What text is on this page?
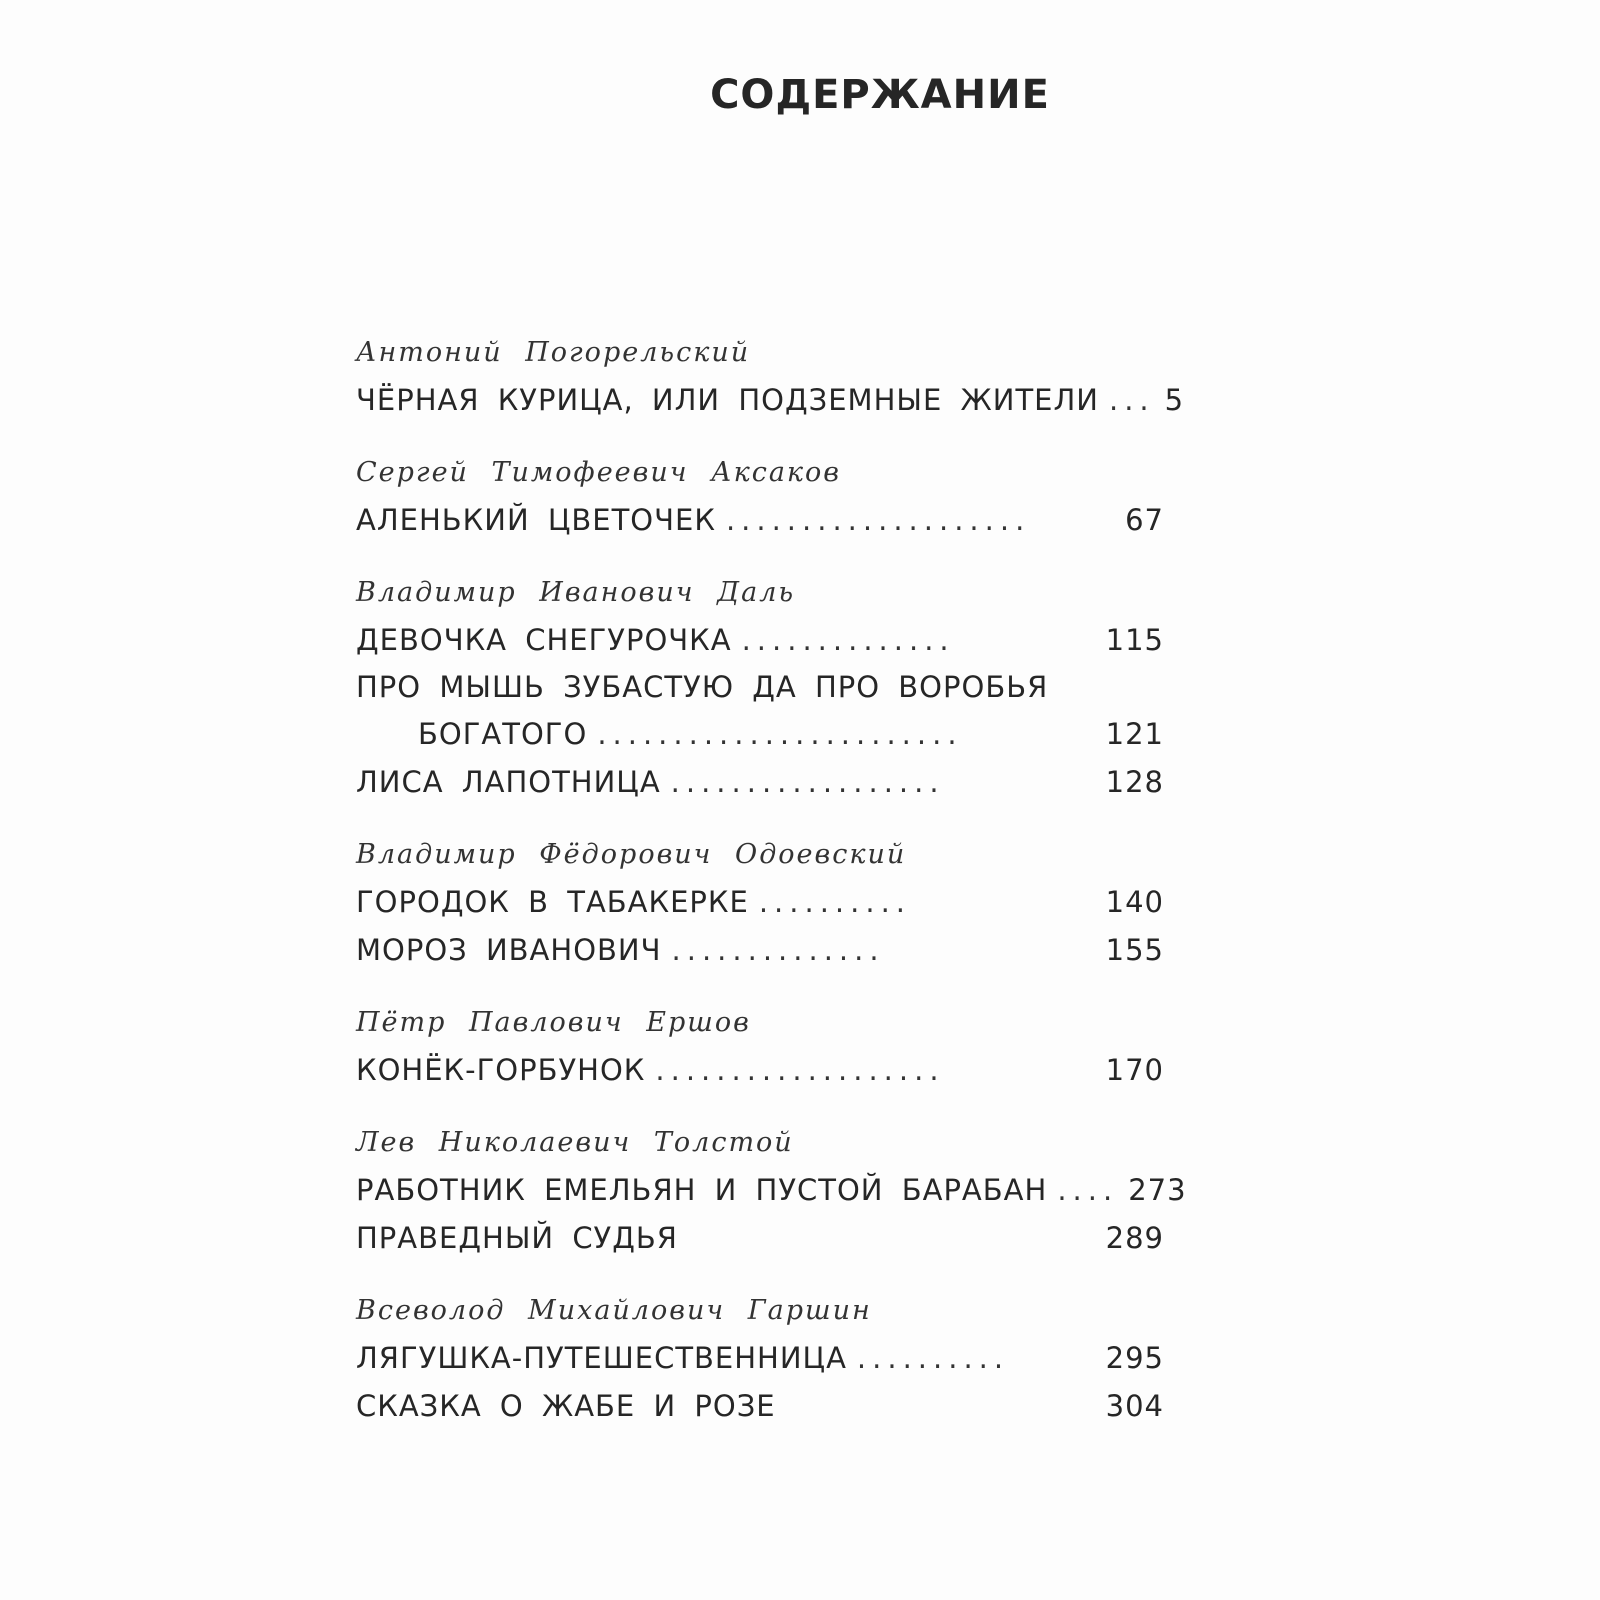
СОДЕРЖАНИЕ
Антоний Погорельский
ЧЁРНАЯ КУРИЦА, ИЛИ ПОДЗЕМНЫЕ ЖИТЕЛИ ... 5
Сергей Тимофеевич Аксаков
АЛЕНЬКИЙ ЦВЕТОЧЕК ....................	67
Владимир Иванович Даль
ДЕВОЧКА СНЕГУРОЧКА ..............	115
ПРО МЫШЬ ЗУБАСТУЮ ДА ПРО ВОРОБЬЯ
БОГАТОГО ........................	121
ЛИСА ЛАПОТНИЦА ..................	128
Владимир Фёдорович Одоевский
ГОРОДОК В ТАБАКЕРКЕ ..........	140
МОРОЗ ИВАНОВИЧ ..............	155
Пётр Павлович Ершов
КОНЁК-ГОРБУНОК ...................	170
Лев Николаевич Толстой
РАБОТНИК ЕМЕЛЬЯН И ПУСТОЙ БАРАБАН .... 273
ПРАВЕДНЫЙ СУДЬЯ	289
Всеволод Михайлович Гаршин
ЛЯГУШКА-ПУТЕШЕСТВЕННИЦА ..........	295
СКАЗКА О ЖАБЕ И РОЗЕ	304
